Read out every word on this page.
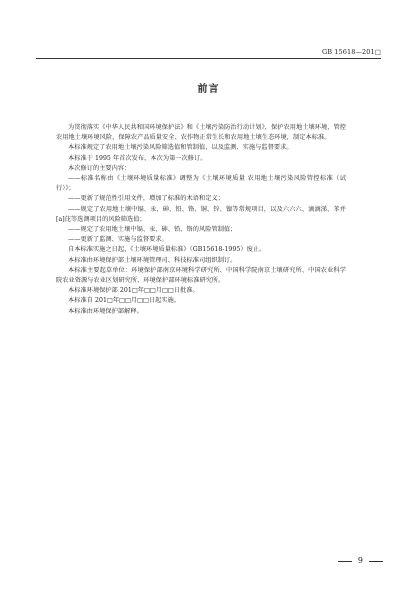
GB 15618—201□
前言

为贯彻落实《中华人民共和国环境保护法》和《土壤污染防治行动计划》，保护农用地土壤环境，管控农用地土壤环境风险，保障农产品质量安全、农作物正常生长和农用地土壤生态环境，制定本标准。

本标准规定了农用地土壤污染风险筛选值和管制值，以及监测、实施与监督要求。

本标准于 1995 年首次发布，本次为第一次修订。

本次修订的主要内容：

——标准名称由《土壤环境质量标准》调整为《土壤环境质量 农用地土壤污染风险管控标准（试行）》；

——更新了规范性引用文件，增加了标准的术语和定义；

——规定了农用地土壤中镉、汞、砷、铅、铬、铜、锌、镍等常规项目，以及六六六、滴滴涕、苯并[a]芘等选测项目的风险筛选值；

——规定了农用地土壤中镉、汞、砷、铅、铬的风险管制值；

——更新了监测、实施与监督要求。

自本标准实施之日起，《土壤环境质量标准》（GB15618-1995）废止。

本标准由环境保护部土壤环境管理司、科技标准司组织制订。

本标准主要起草单位：环境保护部南京环境科学研究所、中国科学院南京土壤研究所、中国农业科学院农业资源与农业区划研究所、环境保护部环境标准研究所。

本标准环境保护部 201□年□□月□□日批准。

本标准自 201□年□□月□□日起实施。

本标准由环境保护部解释。

9
